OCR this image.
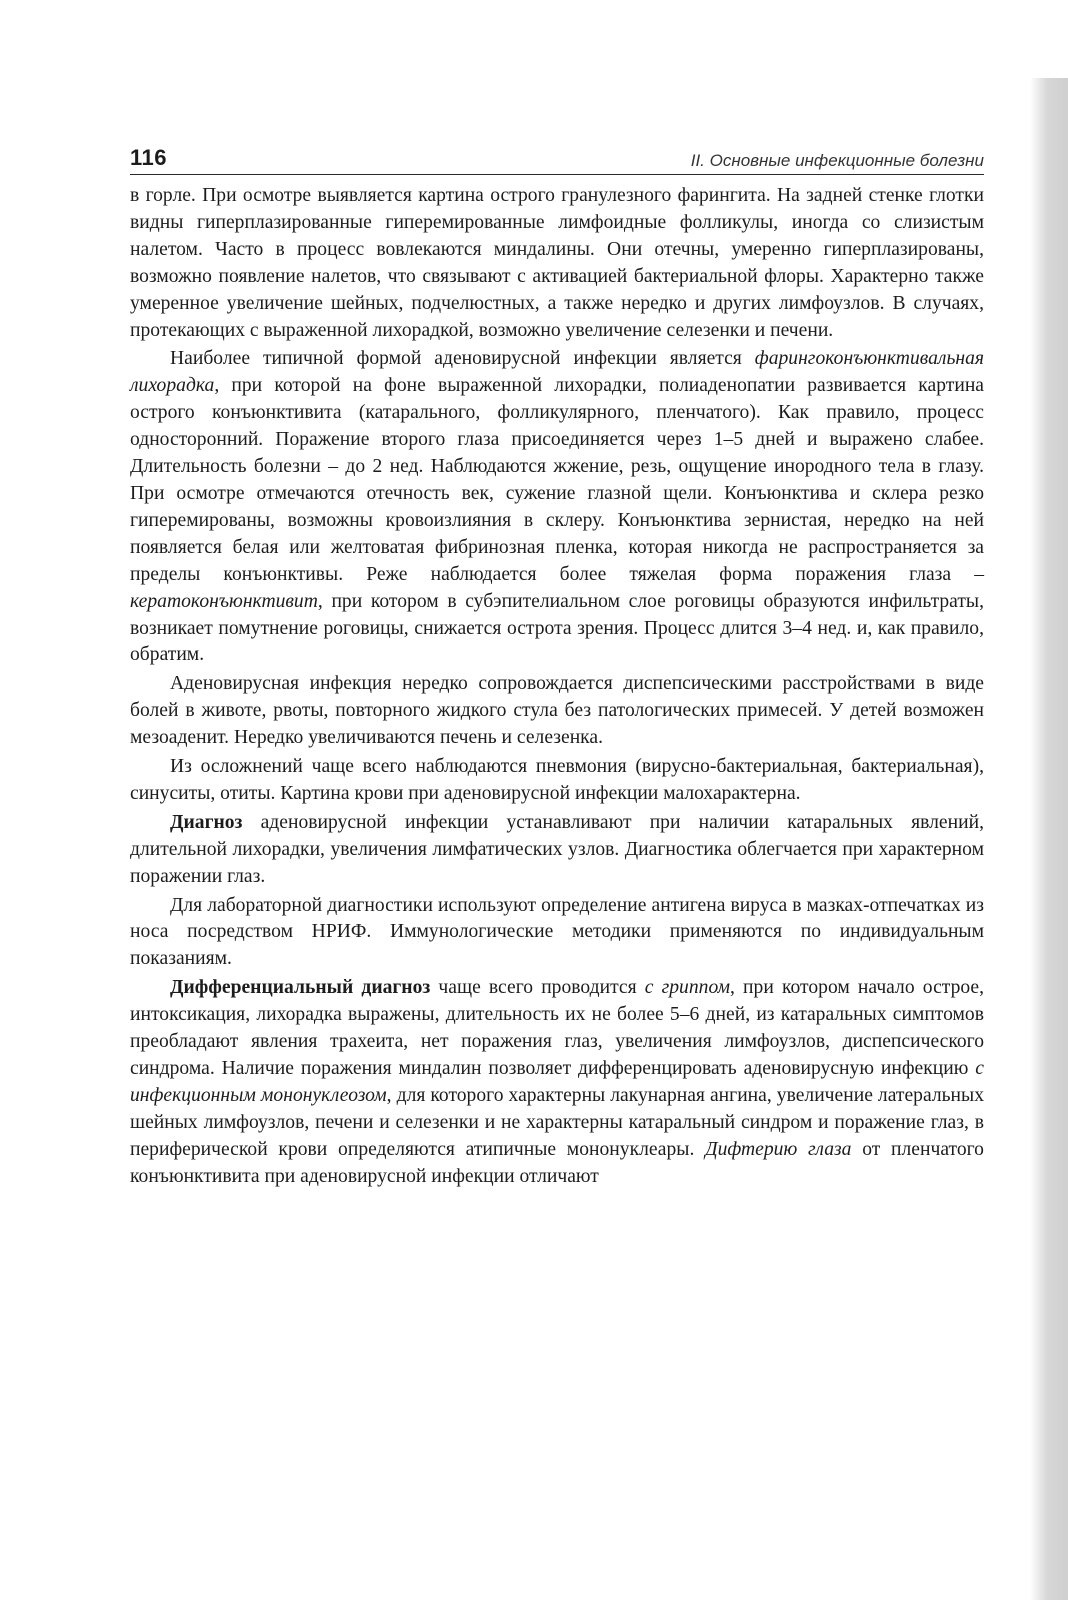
116	II. Основные инфекционные болезни

в горле. При осмотре выявляется картина острого гранулезного фарингита. На задней стенке глотки видны гиперплазированные гиперемированные лимфоидные фолликулы, иногда со слизистым налетом. Часто в процесс вовлекаются миндалины. Они отечны, умеренно гиперплазированы, возможно появление налетов, что связывают с активацией бактериальной флоры. Характерно также умеренное увеличение шейных, подчелюстных, а также нередко и других лимфоузлов. В случаях, протекающих с выраженной лихорадкой, возможно увеличение селезенки и печени.

Наиболее типичной формой аденовирусной инфекции является фарингоконъюнктивальная лихорадка, при которой на фоне выраженной лихорадки, полиаденопатии развивается картина острого конъюнктивита (катарального, фолликулярного, пленчатого). Как правило, процесс односторонний. Поражение второго глаза присоединяется через 1–5 дней и выражено слабее. Длительность болезни – до 2 нед. Наблюдаются жжение, резь, ощущение инородного тела в глазу. При осмотре отмечаются отечность век, сужение глазной щели. Конъюнктива и склера резко гиперемированы, возможны кровоизлияния в склеру. Конъюнктива зернистая, нередко на ней появляется белая или желтоватая фибринозная пленка, которая никогда не распространяется за пределы конъюнктивы. Реже наблюдается более тяжелая форма поражения глаза – кератоконъюнктивит, при котором в субэпителиальном слое роговицы образуются инфильтраты, возникает помутнение роговицы, снижается острота зрения. Процесс длится 3–4 нед. и, как правило, обратим.

Аденовирусная инфекция нередко сопровождается диспепсическими расстройствами в виде болей в животе, рвоты, повторного жидкого стула без патологических примесей. У детей возможен мезоаденит. Нередко увеличиваются печень и селезенка.

Из осложнений чаще всего наблюдаются пневмония (вирусно-бактериальная, бактериальная), синуситы, отиты. Картина крови при аденовирусной инфекции малохарактерна.

Диагноз аденовирусной инфекции устанавливают при наличии катаральных явлений, длительной лихорадки, увеличения лимфатических узлов. Диагностика облегчается при характерном поражении глаз.

Для лабораторной диагностики используют определение антигена вируса в мазках-отпечатках из носа посредством НРИФ. Иммунологические методики применяются по индивидуальным показаниям.

Дифференциальный диагноз чаще всего проводится с гриппом, при котором начало острое, интоксикация, лихорадка выражены, длительность их не более 5–6 дней, из катаральных симптомов преобладают явления трахеита, нет поражения глаз, увеличения лимфоузлов, диспепсического синдрома. Наличие поражения миндалин позволяет дифференцировать аденовирусную инфекцию с инфекционным мононуклеозом, для которого характерны лакунарная ангина, увеличение латеральных шейных лимфоузлов, печени и селезенки и не характерны катаральный синдром и поражение глаз, в периферической крови определяются атипичные мононуклеары. Дифтерию глаза от пленчатого конъюнктивита при аденовирусной инфекции отличают
